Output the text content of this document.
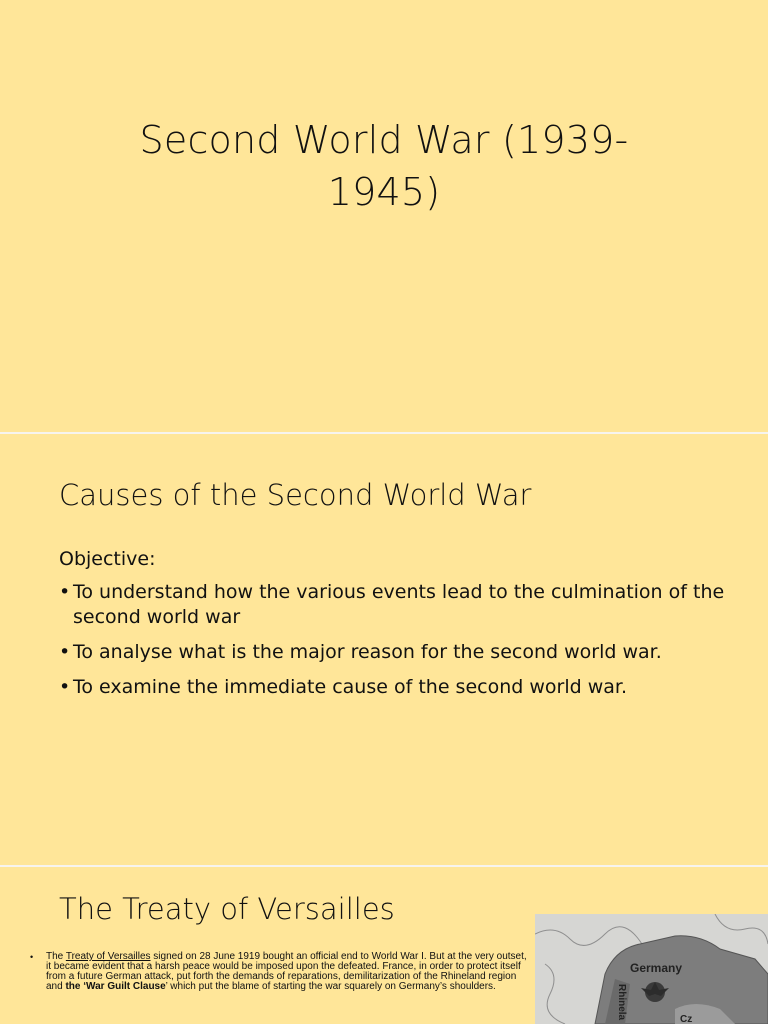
Second World War (1939-1945)
Causes of the Second World War
Objective:
• To understand how the various events lead to the culmination of the second world war
• To analyse what is the major reason for the second world war.
• To examine the immediate cause of the second world war.
The Treaty of Versailles
• The Treaty of Versailles signed on 28 June 1919 bought an official end to World War I. But at the very outset, it became evident that a harsh peace would be imposed upon the defeated. France, in order to protect itself from a future German attack, put forth the demands of reparations, demilitarization of the Rhineland region and the ‘War Guilt Clause’ which put the blame of starting the war squarely on Germany’s shoulders.
Germany
Rhinela	Cz
